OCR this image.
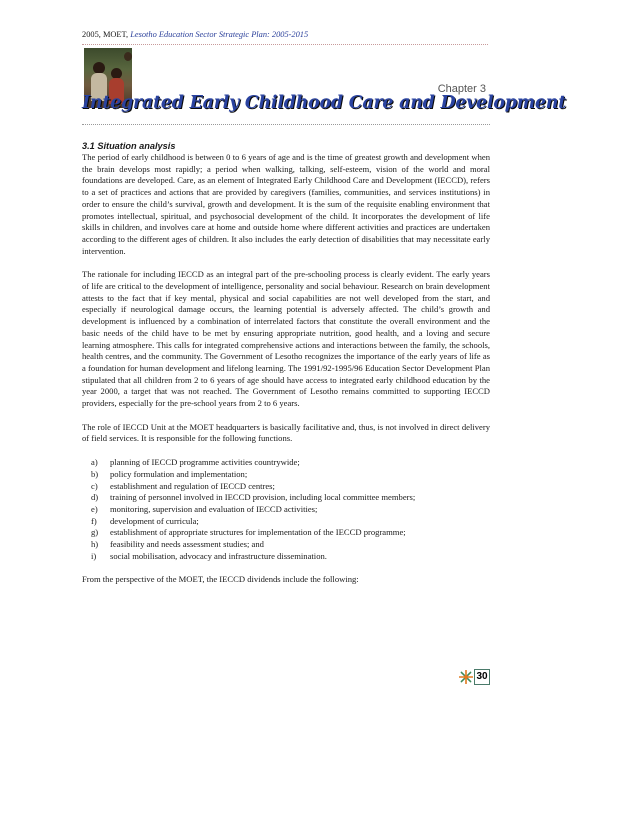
2005, MOET, Lesotho Education Sector Strategic Plan: 2005-2015
Chapter 3
Integrated Early Childhood Care and Development
3.1 Situation analysis

The period of early childhood is between 0 to 6 years of age and is the time of greatest growth and development when the brain develops most rapidly; a period when walking, talking, self-esteem, vision of the world and moral foundations are developed. Care, as an element of Integrated Early Childhood Care and Development (IECCD), refers to a set of practices and actions that are provided by caregivers (families, communities, and services institutions) in order to ensure the child’s survival, growth and development. It is the sum of the requisite enabling environment that promotes intellectual, spiritual, and psychosocial development of the child. It incorporates the development of life skills in children, and involves care at home and outside home where different activities and practices are undertaken according to the different ages of children. It also includes the early detection of disabilities that may necessitate early intervention.

The rationale for including IECCD as an integral part of the pre-schooling process is clearly evident. The early years of life are critical to the development of intelligence, personality and social behaviour. Research on brain development attests to the fact that if key mental, physical and social capabilities are not well developed from the start, and especially if neurological damage occurs, the learning potential is adversely affected. The child’s growth and development is influenced by a combination of interrelated factors that constitute the overall environment and the basic needs of the child have to be met by ensuring appropriate nutrition, good health, and a loving and secure learning atmosphere. This calls for integrated comprehensive actions and interactions between the family, the schools, health centres, and the community. The Government of Lesotho recognizes the importance of the early years of life as a foundation for human development and lifelong learning. The 1991/92-1995/96 Education Sector Development Plan stipulated that all children from 2 to 6 years of age should have access to integrated early childhood education by the year 2000, a target that was not reached. The Government of Lesotho remains committed to supporting IECCD providers, especially for the pre-school years from 2 to 6 years.

The role of IECCD Unit at the MOET headquarters is basically facilitative and, thus, is not involved in direct delivery of field services. It is responsible for the following functions.

a)	planning of IECCD programme activities countrywide;
b)	policy formulation and implementation;
c)	establishment and regulation of IECCD centres;
d)	training of personnel involved in IECCD provision, including local committee members;
e)	monitoring, supervision and evaluation of IECCD activities;
f)	development of curricula;
g)	establishment of appropriate structures for implementation of the IECCD programme;
h)	feasibility and needs assessment studies; and
i)	social mobilisation, advocacy and infrastructure dissemination.

From the perspective of the MOET, the IECCD dividends include the following:

30
